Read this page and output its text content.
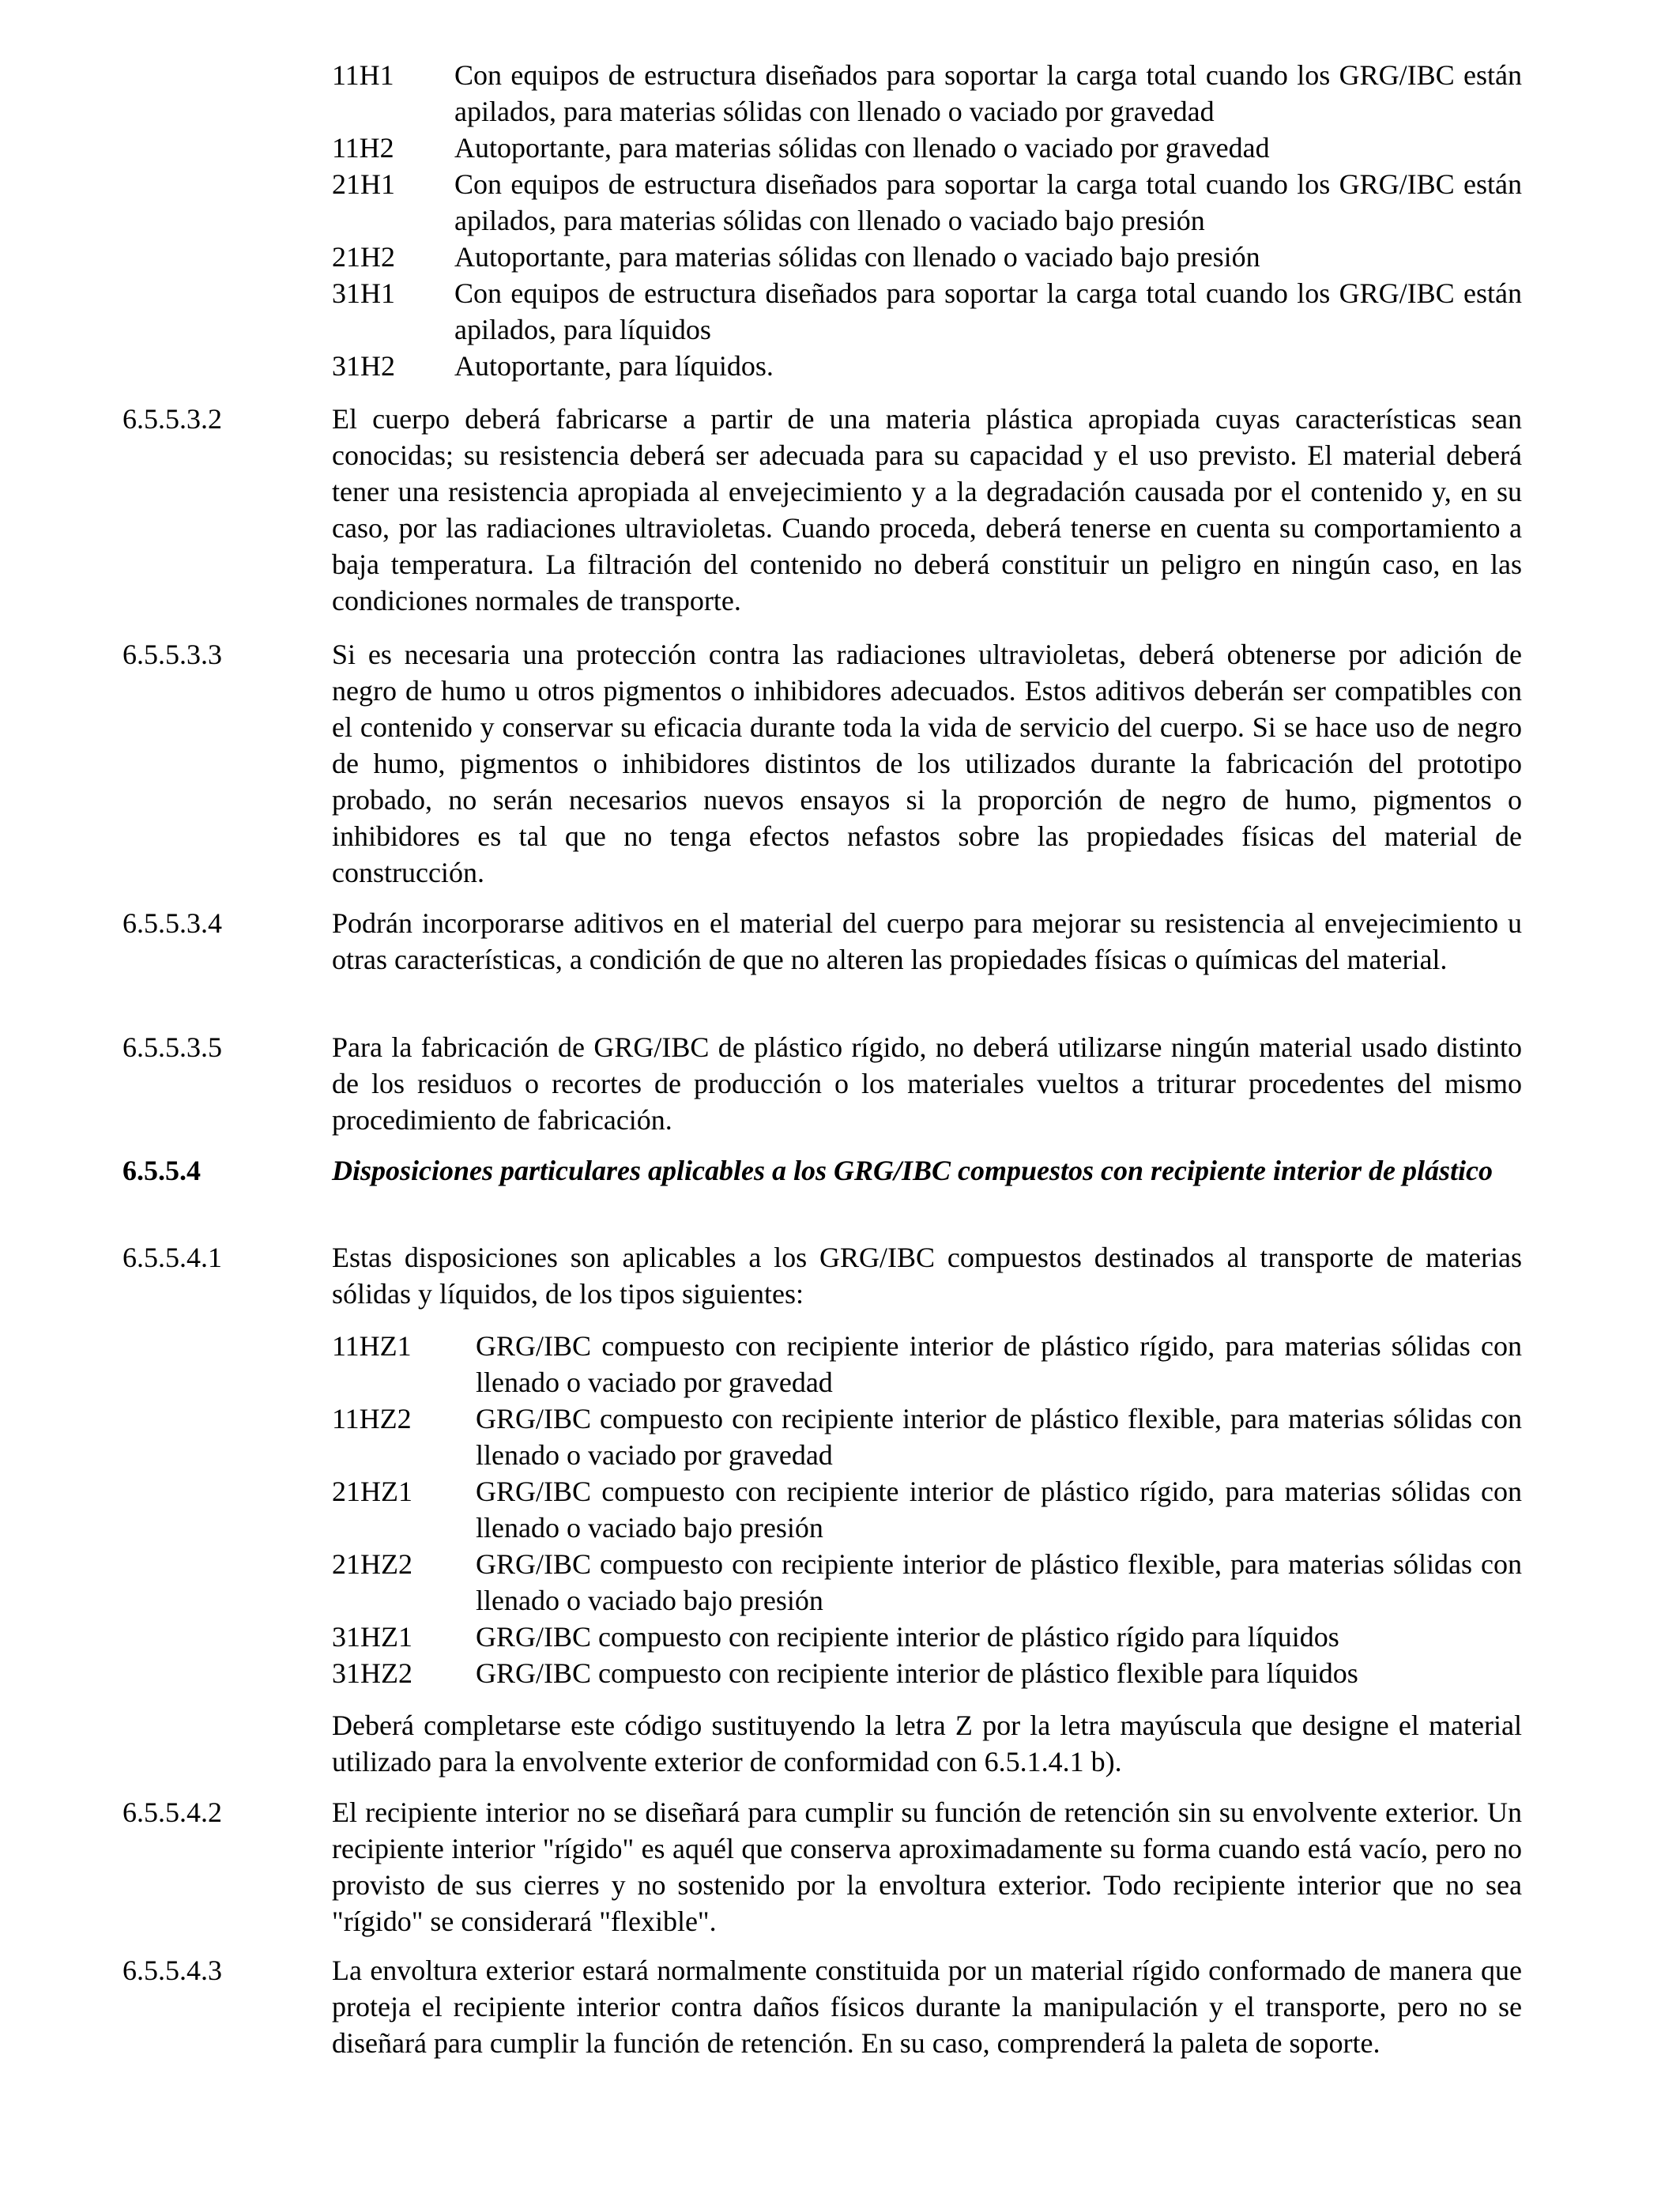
11H1	Con equipos de estructura diseñados para soportar la carga total cuando los GRG/IBC están apilados, para materias sólidas con llenado o vaciado por gravedad
11H2	Autoportante, para materias sólidas con llenado o vaciado por gravedad
21H1	Con equipos de estructura diseñados para soportar la carga total cuando los GRG/IBC están apilados, para materias sólidas con llenado o vaciado bajo presión
21H2	Autoportante, para materias sólidas con llenado o vaciado bajo presión
31H1	Con equipos de estructura diseñados para soportar la carga total cuando los GRG/IBC están apilados, para líquidos
31H2	Autoportante, para líquidos.
6.5.5.3.2	El cuerpo deberá fabricarse a partir de una materia plástica apropiada cuyas características sean conocidas; su resistencia deberá ser adecuada para su capacidad y el uso previsto. El material deberá tener una resistencia apropiada al envejecimiento y a la degradación causada por el contenido y, en su caso, por las radiaciones ultravioletas. Cuando proceda, deberá tenerse en cuenta su comportamiento a baja temperatura. La filtración del contenido no deberá constituir un peligro en ningún caso, en las condiciones normales de transporte.

6.5.5.3.3	Si es necesaria una protección contra las radiaciones ultravioletas, deberá obtenerse por adición de negro de humo u otros pigmentos o inhibidores adecuados. Estos aditivos deberán ser compatibles con el contenido y conservar su eficacia durante toda la vida de servicio del cuerpo. Si se hace uso de negro de humo, pigmentos o inhibidores distintos de los utilizados durante la fabricación del prototipo probado, no serán necesarios nuevos ensayos si la proporción de negro de humo, pigmentos o inhibidores es tal que no tenga efectos nefastos sobre las propiedades físicas del material de construcción.

6.5.5.3.4	Podrán incorporarse aditivos en el material del cuerpo para mejorar su resistencia al envejecimiento u otras características, a condición de que no alteren las propiedades físicas o químicas del material.

6.5.5.3.5	Para la fabricación de GRG/IBC de plástico rígido, no deberá utilizarse ningún material usado distinto de los residuos o recortes de producción o los materiales vueltos a triturar procedentes del mismo procedimiento de fabricación.

6.5.5.4	Disposiciones particulares aplicables a los GRG/IBC compuestos con recipiente interior de plástico

6.5.5.4.1	Estas disposiciones son aplicables a los GRG/IBC compuestos destinados al transporte de materias sólidas y líquidos, de los tipos siguientes:

11HZ1	GRG/IBC compuesto con recipiente interior de plástico rígido, para materias sólidas con llenado o vaciado por gravedad
11HZ2	GRG/IBC compuesto con recipiente interior de plástico flexible, para materias sólidas con llenado o vaciado por gravedad
21HZ1	GRG/IBC compuesto con recipiente interior de plástico rígido, para materias sólidas con llenado o vaciado bajo presión
21HZ2	GRG/IBC compuesto con recipiente interior de plástico flexible, para materias sólidas con llenado o vaciado bajo presión
31HZ1	GRG/IBC compuesto con recipiente interior de plástico rígido para líquidos
31HZ2	GRG/IBC compuesto con recipiente interior de plástico flexible para líquidos

Deberá completarse este código sustituyendo la letra Z por la letra mayúscula que designe el material utilizado para la envolvente exterior de conformidad con 6.5.1.4.1 b).

6.5.5.4.2	El recipiente interior no se diseñará para cumplir su función de retención sin su envolvente exterior. Un recipiente interior "rígido" es aquél que conserva aproximadamente su forma cuando está vacío, pero no provisto de sus cierres y no sostenido por la envoltura exterior. Todo recipiente interior que no sea "rígido" se considerará "flexible".

6.5.5.4.3	La envoltura exterior estará normalmente constituida por un material rígido conformado de manera que proteja el recipiente interior contra daños físicos durante la manipulación y el transporte, pero no se diseñará para cumplir la función de retención. En su caso, comprenderá la paleta de soporte.
